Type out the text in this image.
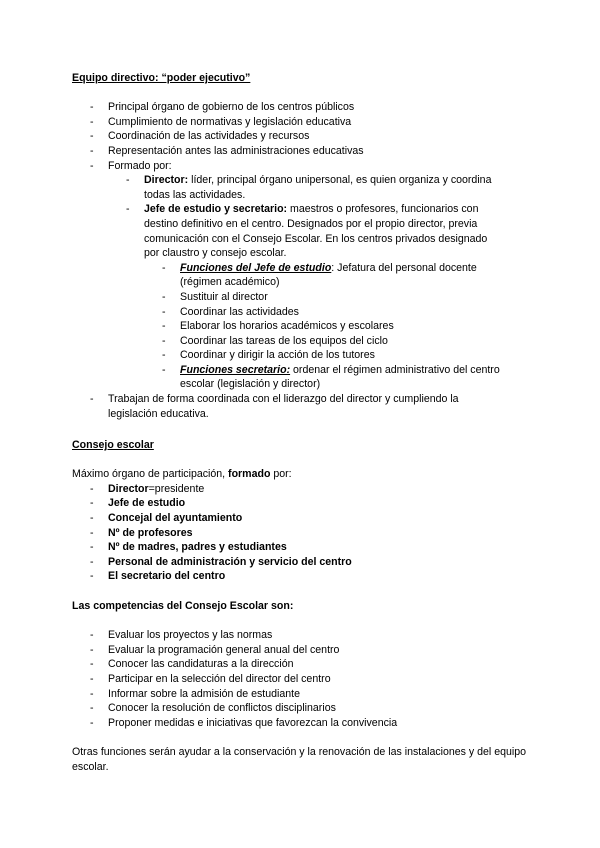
Equipo directivo: “poder ejecutivo”

- Principal órgano de gobierno de los centros públicos

- Cumplimiento de normativas y legislación educativa

- Coordinación de las actividades y recursos

- Representación antes las administraciones educativas

- Formado por:

- Director: líder, principal órgano unipersonal, es quien organiza y coordina todas las actividades.

- Jefe de estudio y secretario: maestros o profesores, funcionarios con destino definitivo en el centro. Designados por el propio director, previa comunicación con el Consejo Escolar. En los centros privados designado por claustro y consejo escolar.

- Funciones del Jefe de estudio: Jefatura del personal docente (régimen académico)

- Sustituir al director

- Coordinar las actividades

- Elaborar los horarios académicos y escolares

- Coordinar las tareas de los equipos del ciclo

- Coordinar y dirigir la acción de los tutores

- Funciones secretario: ordenar el régimen administrativo del centro escolar (legislación y director)

- Trabajan de forma coordinada con el liderazgo del director y cumpliendo la legislación educativa.

Consejo escolar

Máximo órgano de participación, formado por:

- Director=presidente

- Jefe de estudio

- Concejal del ayuntamiento

- Nº de profesores

- Nº de madres, padres y estudiantes

- Personal de administración y servicio del centro

- El secretario del centro

Las competencias del Consejo Escolar son:

- Evaluar los proyectos y las normas

- Evaluar la programación general anual del centro

- Conocer las candidaturas a la dirección

- Participar en la selección del director del centro

- Informar sobre la admisión de estudiante

- Conocer la resolución de conflictos disciplinarios

- Proponer medidas e iniciativas que favorezcan la convivencia

Otras funciones serán ayudar a la conservación y la renovación de las instalaciones y del equipo escolar.
